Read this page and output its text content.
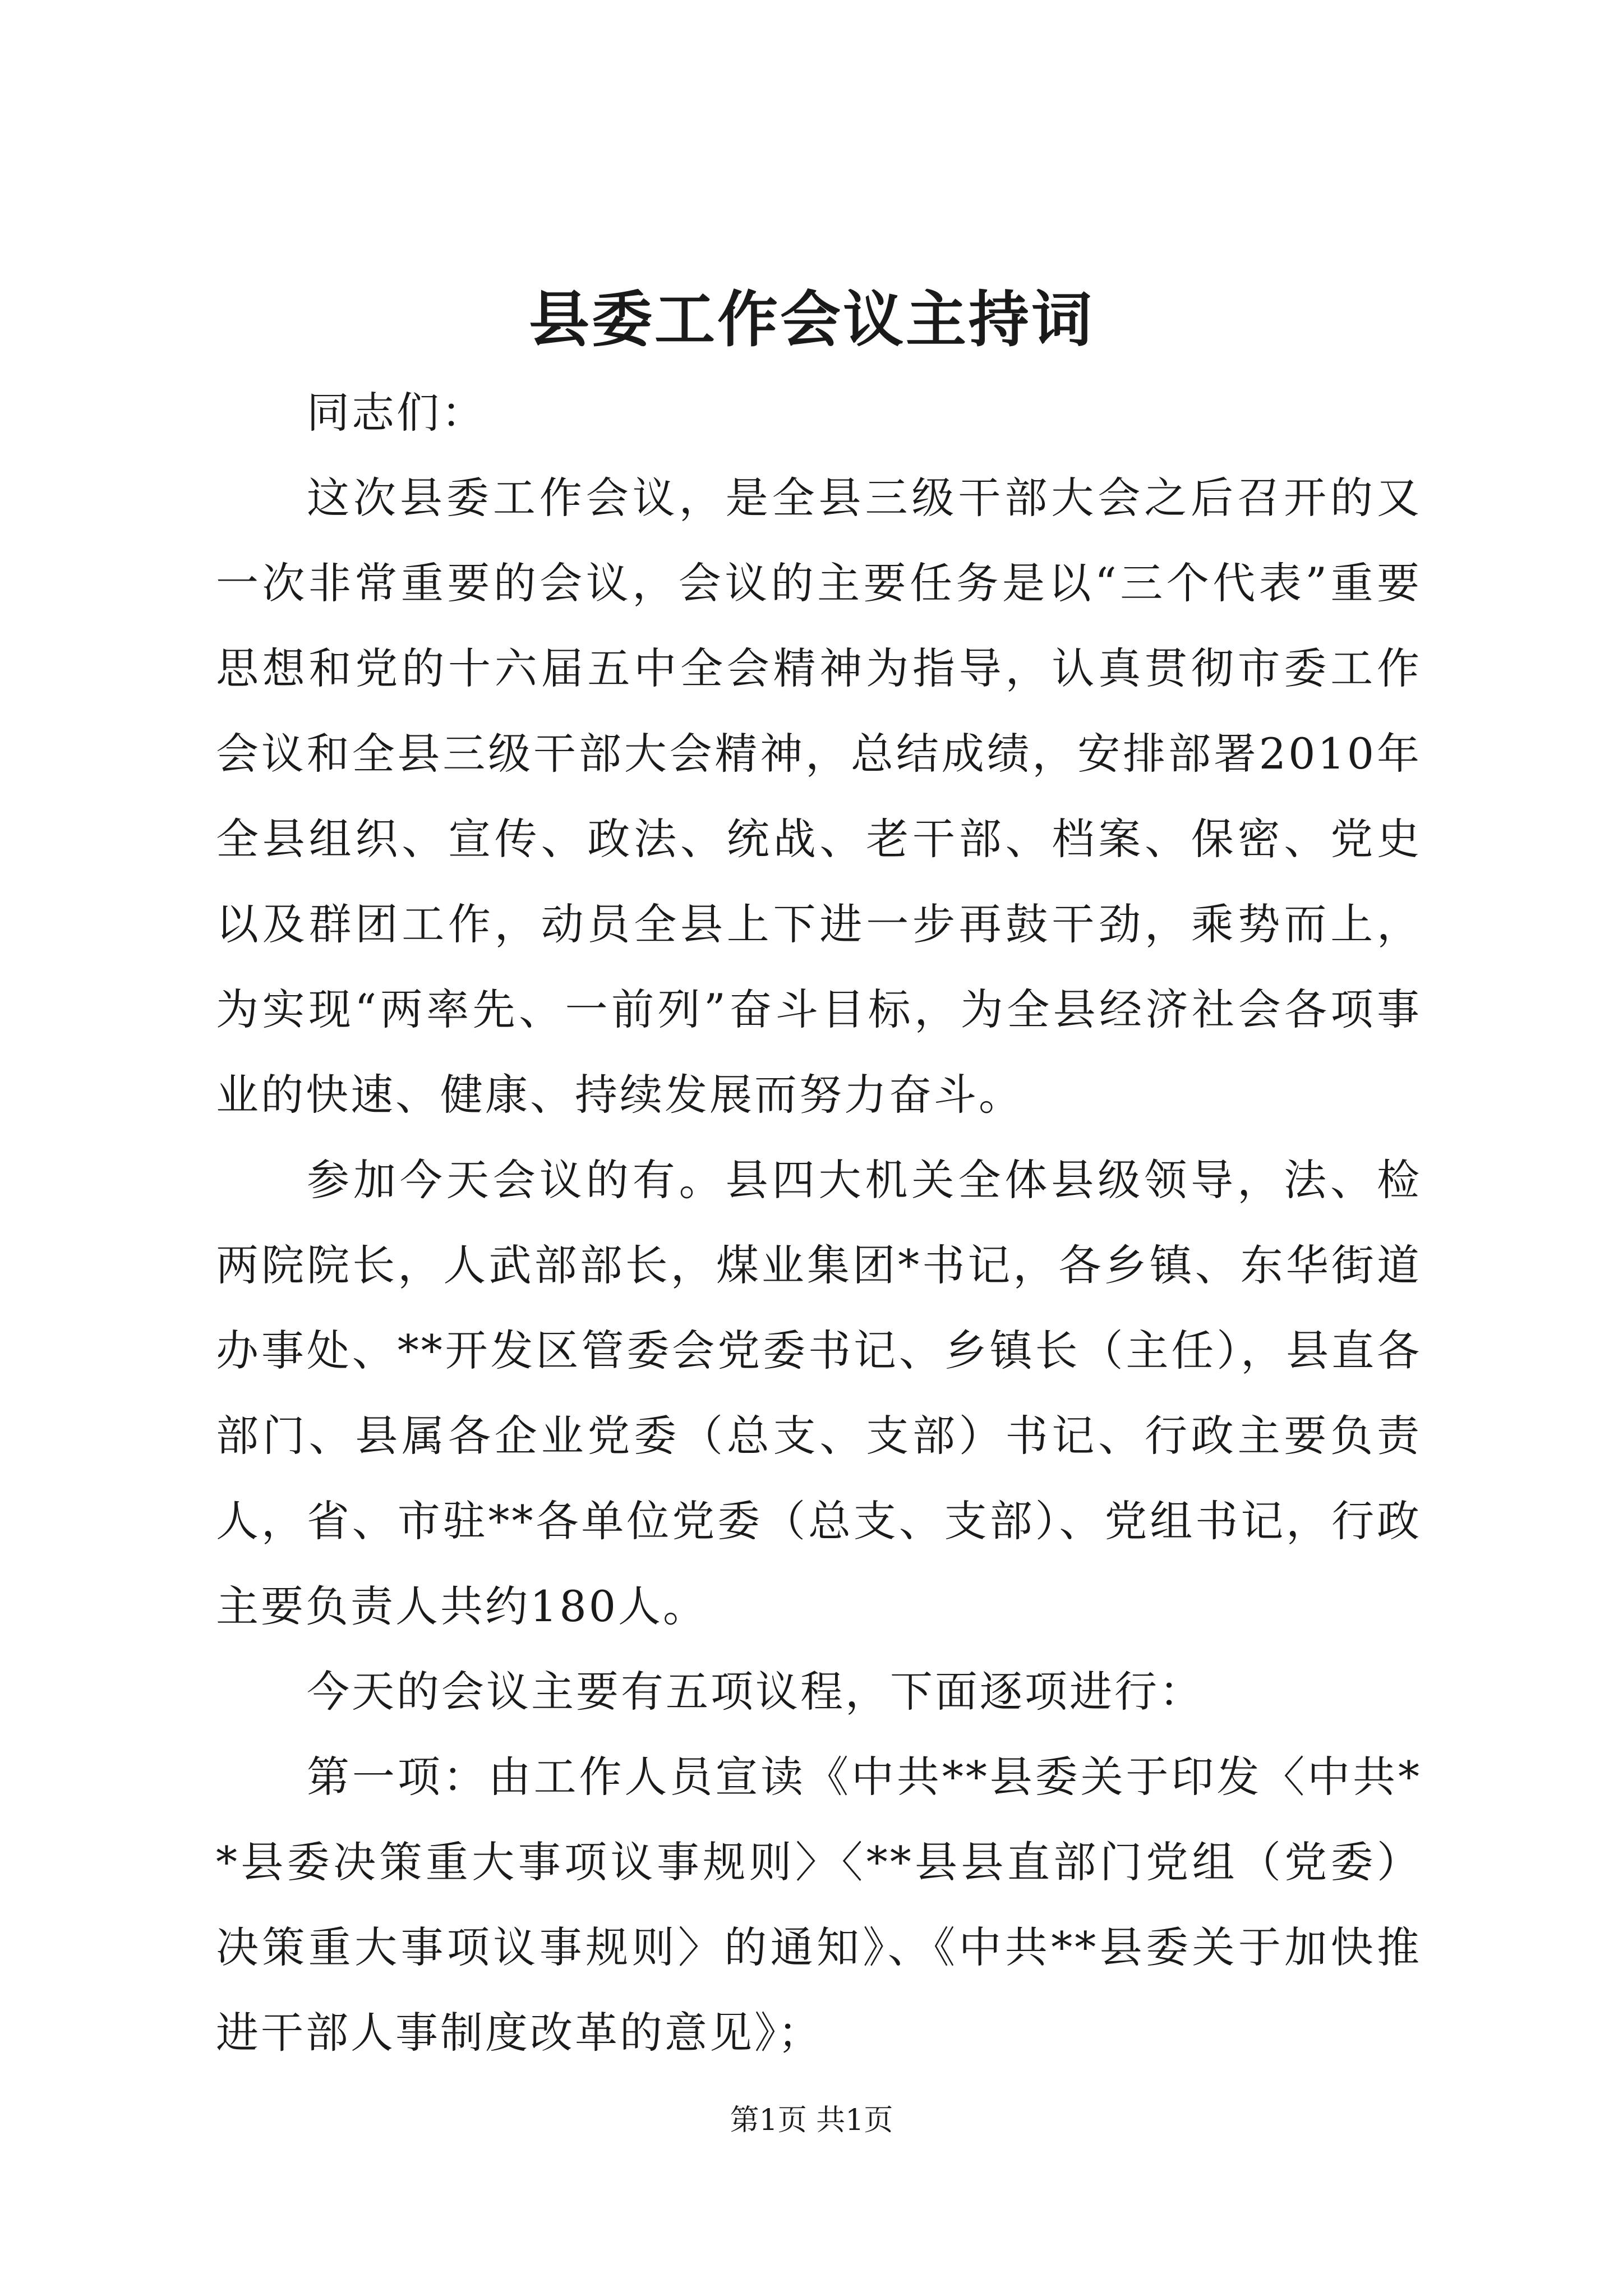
县委工作会议主持词

同志们：

这次县委工作会议，是全县三级干部大会之后召开的又一次非常重要的会议，会议的主要任务是以“三个代表”重要思想和党的十六届五中全会精神为指导，认真贯彻市委工作会议和全县三级干部大会精神，总结成绩，安排部署2010年全县组织、宣传、政法、统战、老干部、档案、保密、党史以及群团工作，动员全县上下进一步再鼓干劲，乘势而上，为实现“两率先、一前列”奋斗目标，为全县经济社会各项事业的快速、健康、持续发展而努力奋斗。

参加今天会议的有。县四大机关全体县级领导，法、检两院院长，人武部部长，煤业集团*书记，各乡镇、东华街道办事处、**开发区管委会党委书记、乡镇长（主任），县直各部门、县属各企业党委（总支、支部）书记、行政主要负责人，省、市驻**各单位党委（总支、支部）、党组书记，行政主要负责人共约180人。

今天的会议主要有五项议程，下面逐项进行：

第一项：由工作人员宣读《中共**县委关于印发〈中共**县委决策重大事项议事规则〉〈**县县直部门党组（党委）决策重大事项议事规则〉的通知》、《中共**县委关于加快推进干部人事制度改革的意见》；

第1页 共1页
